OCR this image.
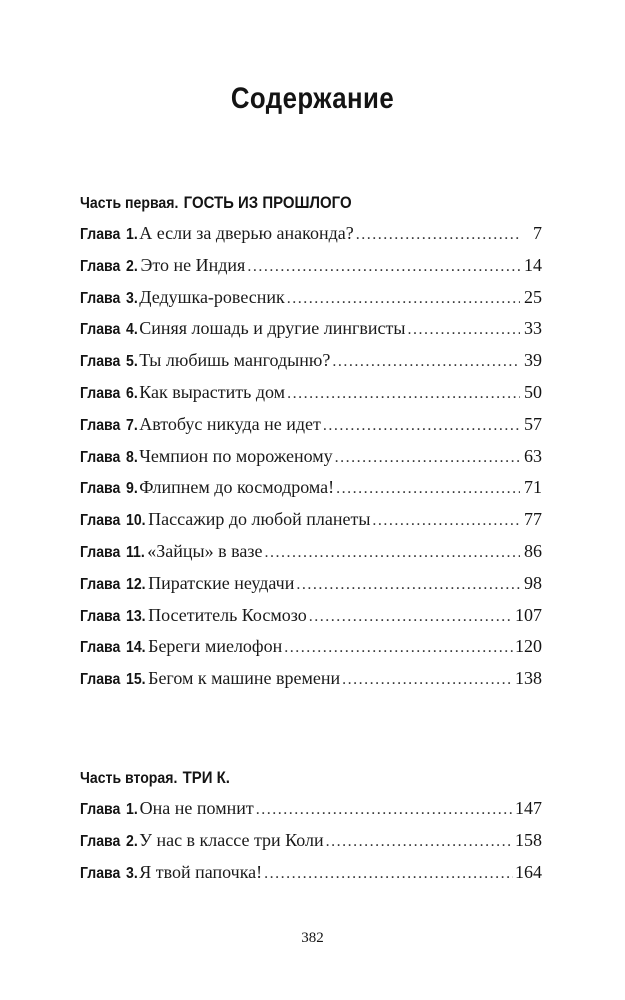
Содержание
Часть первая. ГОСТЬ ИЗ ПРОШЛОГО
Глава 1. А если за дверью анаконда? .....	7
Глава 2. Это не Индия .....	14
Глава 3. Дедушка-ровесник .....	25
Глава 4. Синяя лошадь и другие лингвисты .....	33
Глава 5. Ты любишь мангодыню? .....	39
Глава 6. Как вырастить дом .....	50
Глава 7. Автобус никуда не идет .....	57
Глава 8. Чемпион по мороженому .....	63
Глава 9. Флипнем до космодрома! .....	71
Глава 10. Пассажир до любой планеты .....	77
Глава 11. «Зайцы» в вазе .....	86
Глава 12. Пиратские неудачи .....	98
Глава 13. Посетитель Космозо .....	107
Глава 14. Береги миелофон .....	120
Глава 15. Бегом к машине времени .....	138
Часть вторая. ТРИ К.
Глава 1. Она не помнит .....	147
Глава 2. У нас в классе три Коли .....	158
Глава 3. Я твой папочка! .....	164
382
